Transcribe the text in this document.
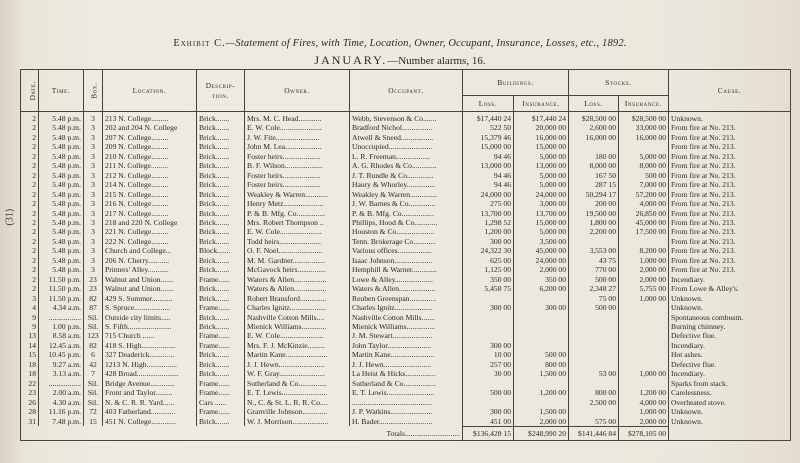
(31)
Exhibit C.—Statement of Fires, with Time, Location, Owner, Occupant, Insurance, Losses, etc., 1892.
JANUARY.—Number alarms, 16.
Date.	Time.	Box.	Location.	Descrip-tion.	Owner.	Occupant.	Buildings.		Stocks.		Cause.
							Loss.	Insurance.	Loss.	Insurance.	
2	5.48 p.m.	3	213 N. College.........	Brick.......	Mrs. M. C. Head............	Webb, Stevenson & Co.......	$17,440 24	$17,440 24	$28,500 00	$28,500 00	Unknown.
2	5.48 p.m.	3	202 and 204 N. College	Brick.......	E. W. Cole......................	Bradford Nichol................	522 50	20,000 00	2,600 00	33,000 00	From fire at No. 213.
2	5.48 p.m.	3	207 N. College.........	Brick.......	J. W. Fite.......................	Atwell & Sneed.................	15,379 46	16,000 00	16,000 00	16,000 00	From fire at No. 213.
2	5.48 p.m.	3	209 N. College.........	Brick.......	John M. Lea...................	Unoccupied.......................	15,000 00	15,000 00			From fire at No. 213.
2	5.48 p.m.	3	210 N. College.........	Brick.......	Foster heirs....................	L. R. Freeman..................	94 46	5,000 00	180 00	5,000 00	From fire at No. 213.
2	5.48 p.m.	3	211 N. College.........	Brick.......	B. F. Wilson....................	A. G. Rhodes & Co.............	13,000 00	13,000 00	8,000 00	8,000 00	From fire at No. 213.
2	5.48 p.m.	3	212 N. College.........	Brick.......	Foster heirs....................	J. T. Rundle & Co..............	94 46	5,000 00	167 50	500 00	From fire at No. 213.
2	5.48 p.m.	3	214 N. College.........	Brick.......	Foster heirs....................	Haury & Whorley...............	94 46	5,000 00	287 15	7,000 00	From fire at No. 213.
2	5.48 p.m.	3	215 N. College.........	Brick.......	Weakley & Warren............	Weakley & Warren..............	24,000 00	24,000 00	50,294 17	57,200 00	From fire at No. 213.
2	5.48 p.m.	3	216 N. College.........	Brick.......	Henry Metz.....................	J. W. Barnes & Co..............	275 00	3,000 00	200 00	4,000 00	From fire at No. 213.
2	5.48 p.m.	3	217 N. College.........	Brick.......	P. & B. Mfg. Co...............	P. & B. Mfg. Co.................	13,700 00	13,700 00	19,500 00	26,850 00	From fire at No. 213.
2	5.48 p.m.	3	218 and 220 N. College	Brick.......	Mrs. Robert Thompson ..	Phillips, Hood & Co............	1,298 52	15,000 00	1,800 00	45,000 00	From fire at No. 213.
2	5.48 p.m.	3	221 N. College.........	Brick.......	E. W. Cole......................	Houston & Co....................	1,200 00	5,000 00	2,200 00	17,500 00	From fire at No. 213.
2	5.48 p.m.	3	222 N. College.........	Brick.......	Todd heirs......................	Tenn. Brokerage Co............	300 00	3,500 00			From fire at No. 213.
2	5.48 p.m.	3	Church and College...	Block.......	O. F. Noel.......................	Various offices..................	24,322 30	45,000 00	3,553 00	8,200 00	From fire at No. 213.
2	5.48 p.m.	3	206 N. Cherry...........	Brick.......	M. M. Gardner.................	Isaac Johnson....................	625 00	24,000 00	43 75	1,000 00	From fire at No. 213.
2	5.48 p.m.	3	Printers' Alley...........	Brick.......	McGavock heirs...............	Hemphill & Warner.............	1,125 00	2,000 00	770 00	2,000 00	From fire at No. 213.
2	11.50 p.m.	23	Walnut and Union.......	Frame......	Waters & Allen.................	Lowe & Alley....................	350 00	350 00	500 00	2,000 00	Incendiary.
2	11.50 p.m.	23	Walnut and Union.......	Brick.......	Waters & Allen.................	Waters & Allen...................	5,458 75	6,200 00	2,348 27	5,755 00	From Lowe & Alley's.
3	11.50 p.m.	82	429 S. Summer...........	Brick.......	Robert Bransford..............	Reuben Greenspan..............			75 00	1,000 00	Unknown.
4	4.34 a.m.	87	S. Spruce...................	Frame......	Charles Ignitz...................	Charles Ignitz....................	300 00	300 00	500 00		Unknown.
9	.................	Sil.	Outside city limits.....	Brick.......	Nashville Cotton Mills....	Nashville Cotton Mills.......					Spontaneous combustn.
9	1.00 p.m.	Sil.	S. Fifth.......................	Brick.......	Mienick Williams.............	Mienick Williams...............					Burning chimney.
13	8.58 a.m.	123	715 Church ......	Frame......	E. W. Cole.......................	J. M. Stewart.....................					Defective flue.
14	12.45 a.m.	82	418 S. High..................	Frame......	Mrs. F. J. McKinzie.........	John Taylor.......................	300 00				Incendiary.
15	10.45 p.m.	6	327 Deaderick.............	Brick.......	Martin Kane......................	Martin Kane.......................	10 00	500 00			Hot ashes.
18	9.27 a.m.	42	1213 N. High................	Brick.......	J. J. Hewn........................	J. J. Hewn.........................	257 00	800 00			Defective flue.
18	3.13 a.m.	7	428 Broad......................	Brick.......	W. F. Gray........................	La Heist & Hicks................	30 00	1,500 00	53 00	1,000 00	Incendiary.
22	.................	Sil.	Bridge Avenue.............	Frame......	Sutherland & Co...............	Sutherland & Co.................					Sparks from stack.
23	2.00 a.m.	Sil.	Front and Taylor.........	Frame......	E. T. Lewis........................	E. T. Lewis.........................	500 00	1,200 00	800 00	1,200 00	Carelessness.
26	4.30 a.m.	Sil.	N. & C. R. R. Yard......	Cars ......	N., C. & St. L. R. R. Co....	..........................................			2,500 00	4,000 00	Overheated stove.
28	11.16 p.m.	72	403 Fatherland.............	Frame......	Granville Johnson.............	J. P. Watkins......................	300 00	1,500 00		1,000 00	Unknown.
31	7.48 p.m.	15	451 N. College.............	Brick.......	W. J. Morrison...................	H. Bader............................	451 00	2,000 00	575 00	2,000 00	Unknown.
Totals.............................							$136,428 15	$248,990 20	$141,446 84	$278,105 00	
